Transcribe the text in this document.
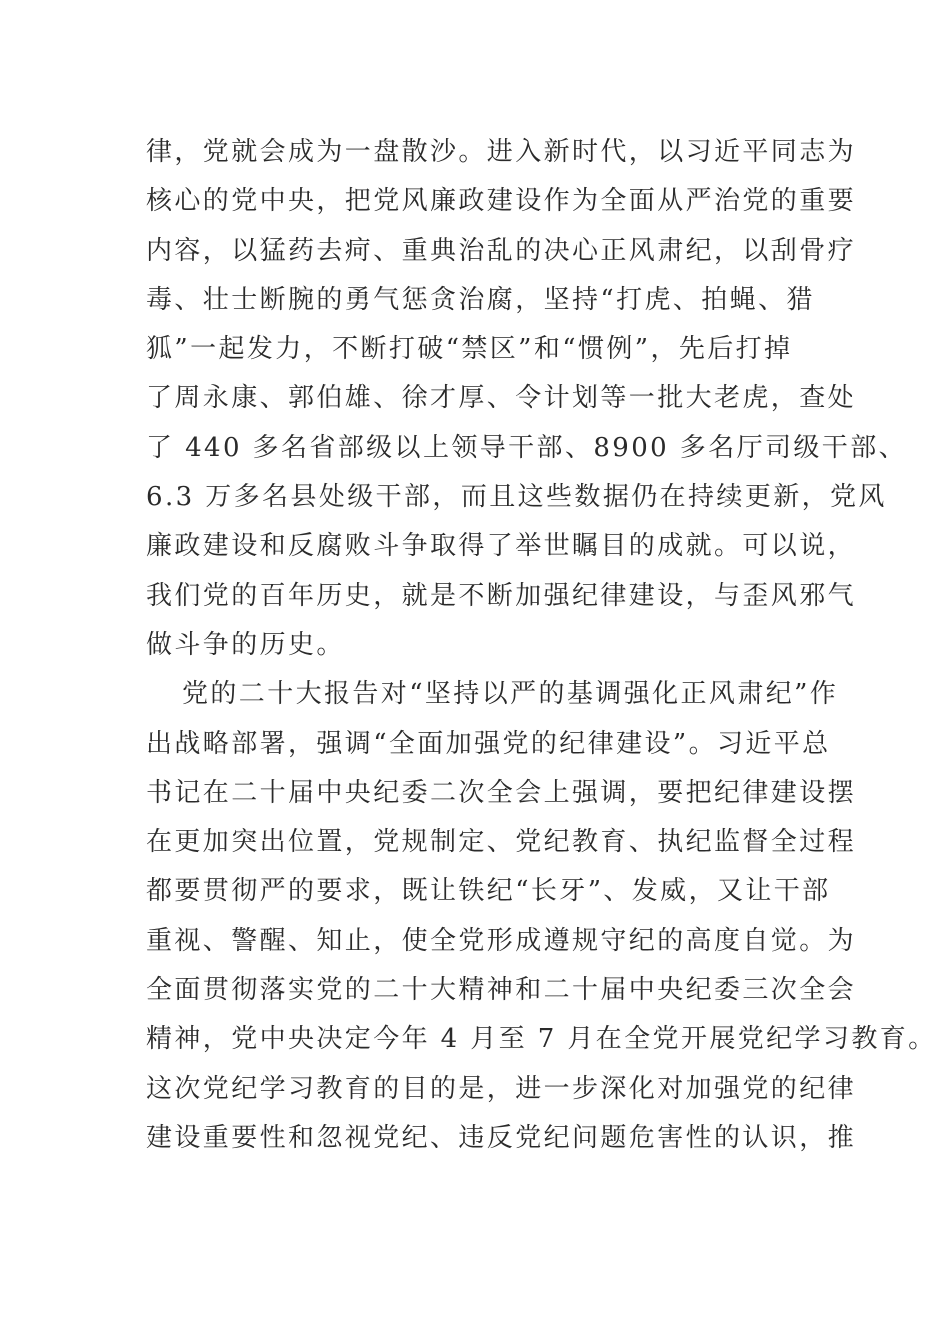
律，党就会成为一盘散沙。进入新时代，以习近平同志为
核心的党中央，把党风廉政建设作为全面从严治党的重要
内容，以猛药去疴、重典治乱的决心正风肃纪，以刮骨疗
毒、壮士断腕的勇气惩贪治腐，坚持“打虎、拍蝇、猎
狐”一起发力，不断打破“禁区”和“惯例”，先后打掉
了周永康、郭伯雄、徐才厚、令计划等一批大老虎，查处
了 440 多名省部级以上领导干部、8900 多名厅司级干部、
6.3 万多名县处级干部，而且这些数据仍在持续更新，党风
廉政建设和反腐败斗争取得了举世瞩目的成就。可以说，
我们党的百年历史，就是不断加强纪律建设，与歪风邪气
做斗争的历史。
党的二十大报告对“坚持以严的基调强化正风肃纪”作
出战略部署，强调“全面加强党的纪律建设”。习近平总
书记在二十届中央纪委二次全会上强调，要把纪律建设摆
在更加突出位置，党规制定、党纪教育、执纪监督全过程
都要贯彻严的要求，既让铁纪“长牙”、发威，又让干部
重视、警醒、知止，使全党形成遵规守纪的高度自觉。为
全面贯彻落实党的二十大精神和二十届中央纪委三次全会
精神，党中央决定今年 4 月至 7 月在全党开展党纪学习教育。
这次党纪学习教育的目的是，进一步深化对加强党的纪律
建设重要性和忽视党纪、违反党纪问题危害性的认识，推
